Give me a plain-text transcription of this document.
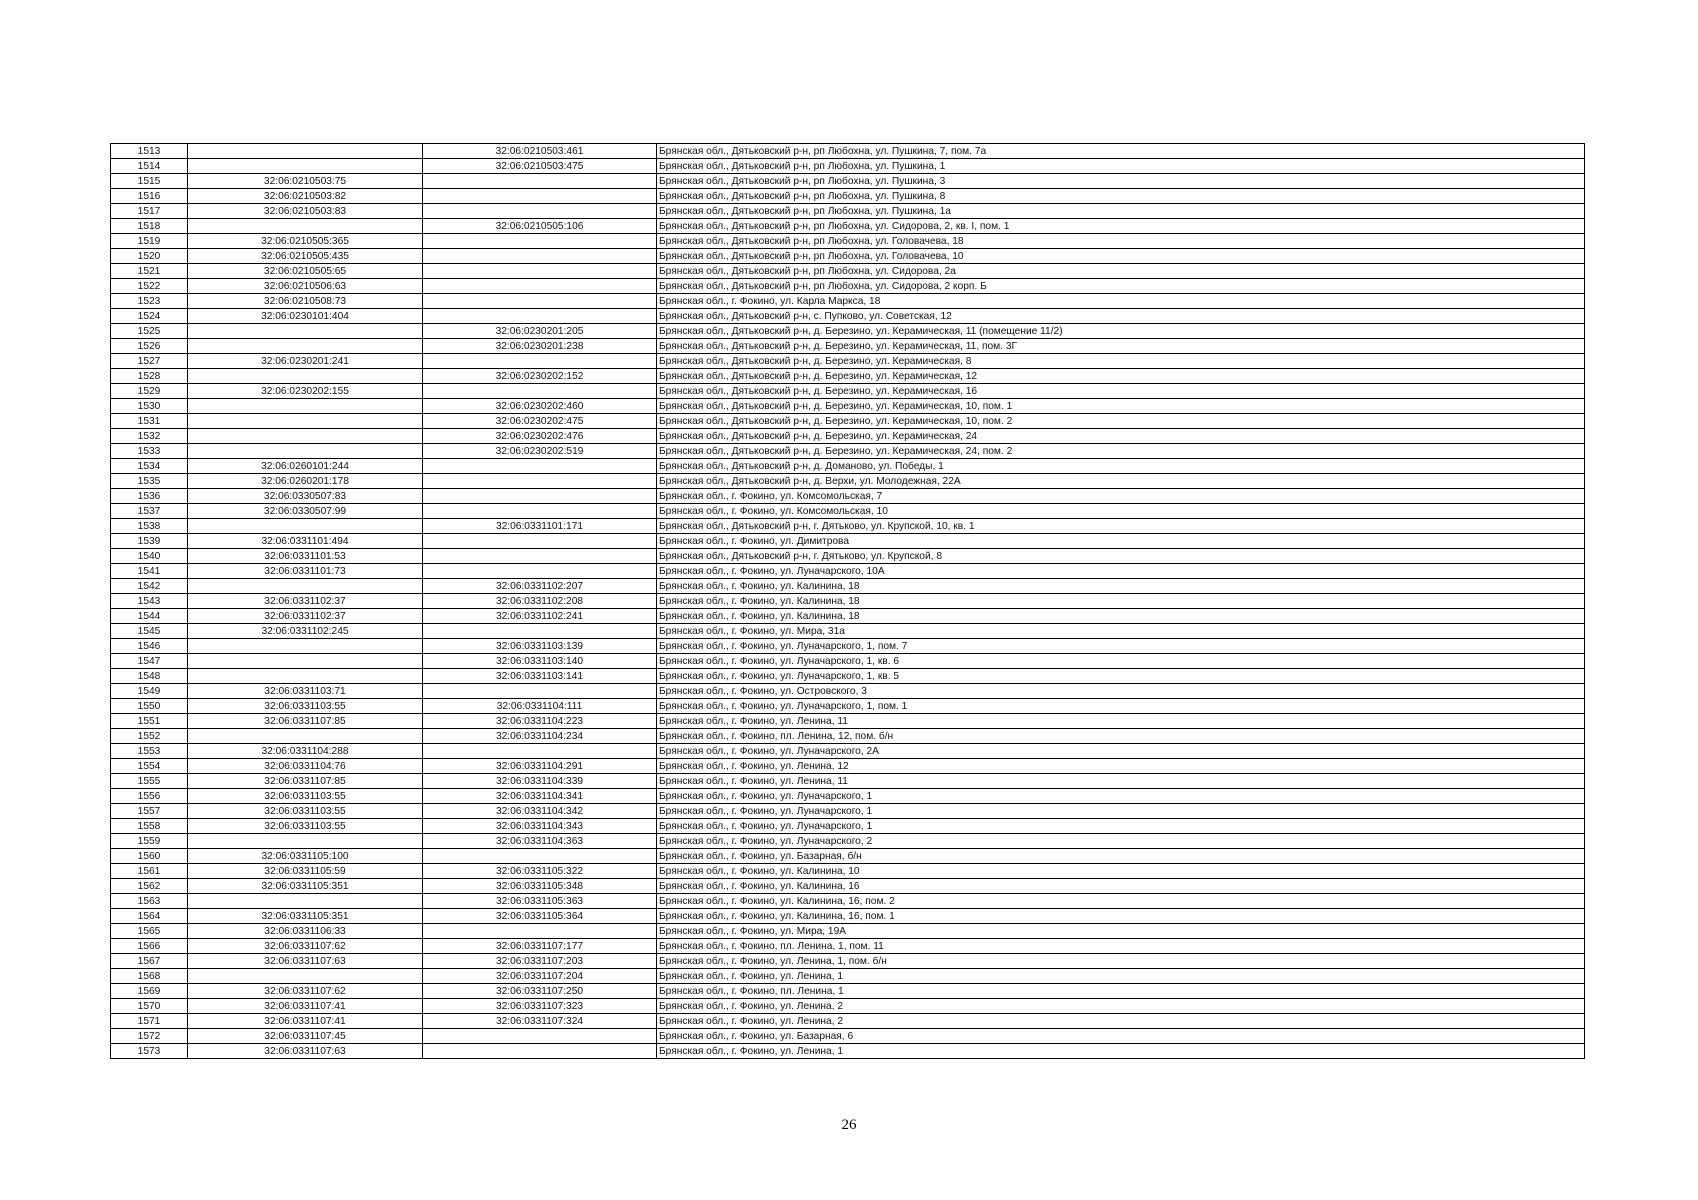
1513		32:06:0210503:461	Брянская обл., Дятьковский р-н, рп Любохна, ул. Пушкина, 7, пом. 7а
1514		32:06:0210503:475	Брянская обл., Дятьковский р-н, рп Любохна, ул. Пушкина, 1
1515	32:06:0210503:75		Брянская обл., Дятьковский р-н, рп Любохна, ул. Пушкина, 3
1516	32:06:0210503:82		Брянская обл., Дятьковский р-н, рп Любохна, ул. Пушкина, 8
1517	32:06:0210503:83		Брянская обл., Дятьковский р-н, рп Любохна, ул. Пушкина, 1а
1518		32:06:0210505:106	Брянская обл., Дятьковский р-н, рп Любохна, ул. Сидорова, 2, кв. I, пом. 1
1519	32:06:0210505:365		Брянская обл., Дятьковский р-н, рп Любохна, ул. Головачева, 18
1520	32:06:0210505:435		Брянская обл., Дятьковский р-н, рп Любохна, ул. Головачева, 10
1521	32:06:0210505:65		Брянская обл., Дятьковский р-н, рп Любохна, ул. Сидорова, 2а
1522	32:06:0210506:63		Брянская обл., Дятьковский р-н, рп Любохна, ул. Сидорова, 2 корп. Б
1523	32:06:0210508:73		Брянская обл., г. Фокино, ул. Карла Маркса, 18
1524	32:06:0230101:404		Брянская обл., Дятьковский р-н, с. Пупково, ул. Советская, 12
1525		32:06:0230201:205	Брянская обл., Дятьковский р-н, д. Березино, ул. Керамическая, 11 (помещение 11/2)
1526		32:06:0230201:238	Брянская обл., Дятьковский р-н, д. Березино, ул. Керамическая, 11, пом. 3Г
1527	32:06:0230201:241		Брянская обл., Дятьковский р-н, д. Березино, ул. Керамическая, 8
1528		32:06:0230202:152	Брянская обл., Дятьковский р-н, д. Березино, ул. Керамическая, 12
1529	32:06:0230202:155		Брянская обл., Дятьковский р-н, д. Березино, ул. Керамическая, 16
1530		32:06:0230202:460	Брянская обл., Дятьковский р-н, д. Березино, ул. Керамическая, 10, пом. 1
1531		32:06:0230202:475	Брянская обл., Дятьковский р-н, д. Березино, ул. Керамическая, 10, пом. 2
1532		32:06:0230202:476	Брянская обл., Дятьковский р-н, д. Березино, ул. Керамическая, 24
1533		32:06:0230202:519	Брянская обл., Дятьковский р-н, д. Березино, ул. Керамическая, 24, пом. 2
1534	32:06:0260101:244		Брянская обл., Дятьковский р-н, д. Доманово, ул. Победы, 1
1535	32:06:0260201:178		Брянская обл., Дятьковский р-н, д. Верхи, ул. Молодежная, 22А
1536	32:06:0330507:83		Брянская обл., г. Фокино, ул. Комсомольская, 7
1537	32:06:0330507:99		Брянская обл., г. Фокино, ул. Комсомольская, 10
1538		32:06:0331101:171	Брянская обл., Дятьковский р-н, г. Дятьково, ул. Крупской, 10, кв. 1
1539	32:06:0331101:494		Брянская обл., г. Фокино, ул. Димитрова
1540	32:06:0331101:53		Брянская обл., Дятьковский р-н, г. Дятьково, ул. Крупской, 8
1541	32:06:0331101:73		Брянская обл., г. Фокино, ул. Луначарского, 10А
1542		32:06:0331102:207	Брянская обл., г. Фокино, ул. Калинина, 18
1543	32:06:0331102:37	32:06:0331102:208	Брянская обл., г. Фокино, ул. Калинина, 18
1544	32:06:0331102:37	32:06:0331102:241	Брянская обл., г. Фокино, ул. Калинина, 18
1545	32:06:0331102:245		Брянская обл., г. Фокино, ул. Мира, 31а
1546		32:06:0331103:139	Брянская обл., г. Фокино, ул. Луначарского, 1, пом. 7
1547		32:06:0331103:140	Брянская обл., г. Фокино, ул. Луначарского, 1, кв. 6
1548		32:06:0331103:141	Брянская обл., г. Фокино, ул. Луначарского, 1, кв. 5
1549	32:06:0331103:71		Брянская обл., г. Фокино, ул. Островского, 3
1550	32:06:0331103:55	32:06:0331104:111	Брянская обл., г. Фокино, ул. Луначарского, 1, пом. 1
1551	32:06:0331107:85	32:06:0331104:223	Брянская обл., г. Фокино, ул. Ленина, 11
1552		32:06:0331104:234	Брянская обл., г. Фокино, пл. Ленина, 12, пом. б/н
1553	32:06:0331104:288		Брянская обл., г. Фокино, ул. Луначарского, 2А
1554	32:06:0331104:76	32:06:0331104:291	Брянская обл., г. Фокино, ул. Ленина, 12
1555	32:06:0331107:85	32:06:0331104:339	Брянская обл., г. Фокино, ул. Ленина, 11
1556	32:06:0331103:55	32:06:0331104:341	Брянская обл., г. Фокино, ул. Луначарского, 1
1557	32:06:0331103:55	32:06:0331104:342	Брянская обл., г. Фокино, ул. Луначарского, 1
1558	32:06:0331103:55	32:06:0331104:343	Брянская обл., г. Фокино, ул. Луначарского, 1
1559		32:06:0331104:363	Брянская обл., г. Фокино, ул. Луначарского, 2
1560	32:06:0331105:100		Брянская обл., г. Фокино, ул. Базарная, б/н
1561	32:06:0331105:59	32:06:0331105:322	Брянская обл., г. Фокино, ул. Калинина, 10
1562	32:06:0331105:351	32:06:0331105:348	Брянская обл., г. Фокино, ул. Калинина, 16
1563		32:06:0331105:363	Брянская обл., г. Фокино, ул. Калинина, 16, пом. 2
1564	32:06:0331105:351	32:06:0331105:364	Брянская обл., г. Фокино, ул. Калинина, 16, пом. 1
1565	32:06:0331106:33		Брянская обл., г. Фокино, ул. Мира, 19А
1566	32:06:0331107:62	32:06:0331107:177	Брянская обл., г. Фокино, пл. Ленина, 1, пом. 11
1567	32:06:0331107:63	32:06:0331107:203	Брянская обл., г. Фокино, ул. Ленина, 1, пом. б/н
1568		32:06:0331107:204	Брянская обл., г. Фокино, ул. Ленина, 1
1569	32:06:0331107:62	32:06:0331107:250	Брянская обл., г. Фокино, пл. Ленина, 1
1570	32:06:0331107:41	32:06:0331107:323	Брянская обл., г. Фокино, ул. Ленина, 2
1571	32:06:0331107:41	32:06:0331107:324	Брянская обл., г. Фокино, ул. Ленина, 2
1572	32:06:0331107:45		Брянская обл., г. Фокино, ул. Базарная, 6
1573	32:06:0331107:63		Брянская обл., г. Фокино, ул. Ленина, 1
26
